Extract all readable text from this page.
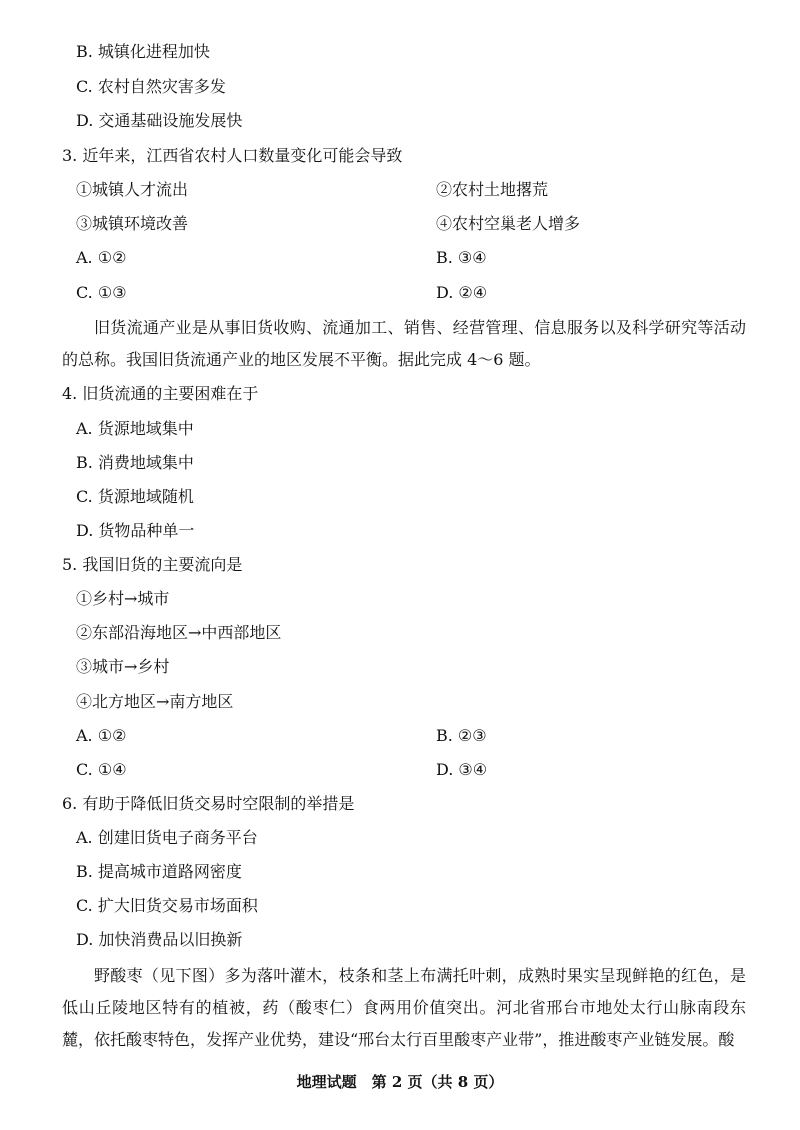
B. 城镇化进程加快
C. 农村自然灾害多发
D. 交通基础设施发展快
3. 近年来，江西省农村人口数量变化可能会导致
①城镇人才流出	②农村土地撂荒
③城镇环境改善	④农村空巢老人增多
A. ①②	B. ③④
C. ①③	D. ②④
旧货流通产业是从事旧货收购、流通加工、销售、经营管理、信息服务以及科学研究等活动的总称。我国旧货流通产业的地区发展不平衡。据此完成 4～6 题。
4. 旧货流通的主要困难在于
A. 货源地域集中
B. 消费地域集中
C. 货源地域随机
D. 货物品种单一
5. 我国旧货的主要流向是
①乡村→城市
②东部沿海地区→中西部地区
③城市→乡村
④北方地区→南方地区
A. ①②	B. ②③
C. ①④	D. ③④
6. 有助于降低旧货交易时空限制的举措是
A. 创建旧货电子商务平台
B. 提高城市道路网密度
C. 扩大旧货交易市场面积
D. 加快消费品以旧换新
野酸枣（见下图）多为落叶灌木，枝条和茎上布满托叶刺，成熟时果实呈现鲜艳的红色，是低山丘陵地区特有的植被，药（酸枣仁）食两用价值突出。河北省邢台市地处太行山脉南段东麓，依托酸枣特色，发挥产业优势，建设“邢台太行百里酸枣产业带”，推进酸枣产业链发展。酸
地理试题　第 2 页（共 8 页）
